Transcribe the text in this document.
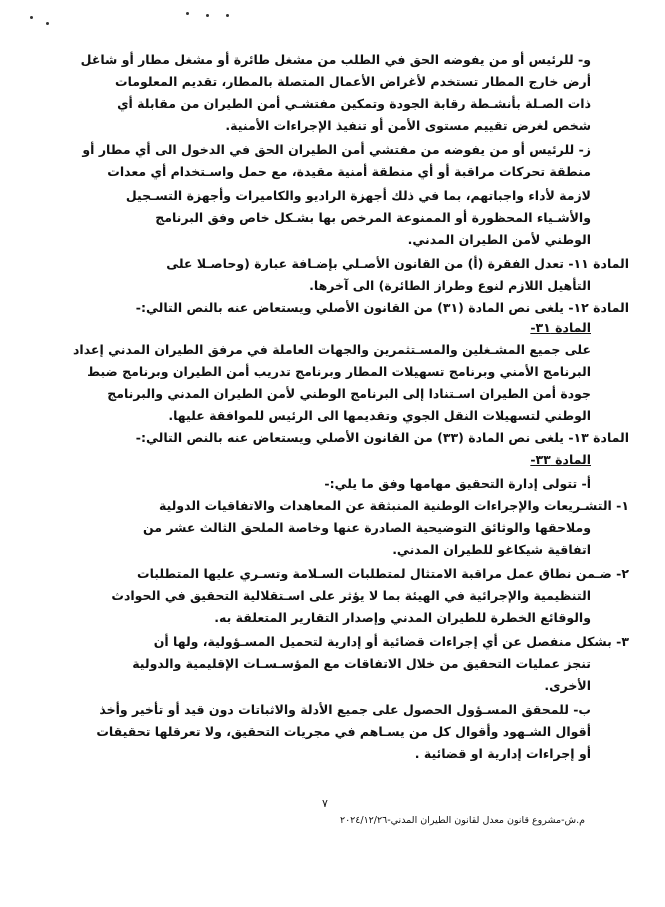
و- للرئيس أو من يفوضه الحق في الطلب من مشغل طائرة أو مشغل مطار أو شاغل
أرض خارج المطار تستخدم لأغراض الأعمال المتصلة بالمطار، تقديم المعلومات
ذات الصـلة بأنشـطة رقابة الجودة وتمكين مفتشـي أمن الطيران من مقابلة أي
شخص لغرض تقييم مستوى الأمن أو تنفيذ الإجراءات الأمنية.
ز- للرئيس أو من يفوضه من مفتشي أمن الطيران الحق في الدخول الى أي مطار أو
منطقة تحركات مراقبة أو أي منطقة أمنية مقيدة، مع حمل واسـتخدام أي معدات
لازمة لأداء واجباتهم، بما في ذلك أجهزة الراديو والكاميرات وأجهزة التسـجيل
والأشـياء المحظورة أو الممنوعة المرخص بها بشـكل خاص وفق البرنامج
الوطني لأمن الطيران المدني.
المادة ١١- تعدل الفقرة (أ) من القانون الأصـلي بإضـافة عبارة (وحاصـلا على
التأهيل اللازم لنوع وطراز الطائرة) الى آخرها.
المادة ١٢- يلغى نص المادة (٣١) من القانون الأصلي ويستعاض عنه بالنص التالي:-
المادة ٣١-
على جميع المشـغلين والمسـتثمرين والجهات العاملة في مرفق الطيران المدني إعداد
البرنامج الأمني وبرنامج تسهيلات المطار وبرنامج تدريب أمن الطيران وبرنامج ضبط
جودة أمن الطيران اسـتنادا إلى البرنامج الوطني لأمن الطيران المدني والبرنامج
الوطني لتسهيلات النقل الجوي وتقديمها الى الرئيس للموافقة عليها.
المادة ١٣- يلغى نص المادة (٣٣) من القانون الأصلي ويستعاض عنه بالنص التالي:-
المادة ٣٣-
أ- تتولى إدارة التحقيق مهامها وفق ما يلي:-
١- التشـريعات والإجراءات الوطنية المنبثقة عن المعاهدات والاتفاقيات الدولية
وملاحقها والوثائق التوضيحية الصادرة عنها وخاصة الملحق الثالث عشر من
اتفاقية شيكاغو للطيران المدني.
٢- ضـمن نطاق عمل مراقبة الامتثال لمتطلبات السـلامة وتسـري عليها المتطلبات
التنظيمية والإجرائية في الهيئة بما لا يؤثر على اسـتقلالية التحقيق في الحوادث
والوقائع الخطرة للطيران المدني وإصدار التقارير المتعلقة به.
٣- بشكل منفصل عن أي إجراءات قضائية أو إدارية لتحميل المسـؤولية، ولها أن
تنجز عمليات التحقيق من خلال الاتفاقات مع المؤسـسـات الإقليمية والدولية
الأخرى.
ب- للمحقق المسـؤول الحصول على جميع الأدلة والاثباتات دون قيد أو تأخير وأخذ
أقوال الشـهود وأقوال كل من يسـاهم في مجريات التحقيق، ولا تعرقلها تحقيقات
أو إجراءات إدارية او قضائية .
٧
م.ش-مشروع قانون معدل لقانون الطيران المدني-٢٠٢٤/١٢/٢٦
